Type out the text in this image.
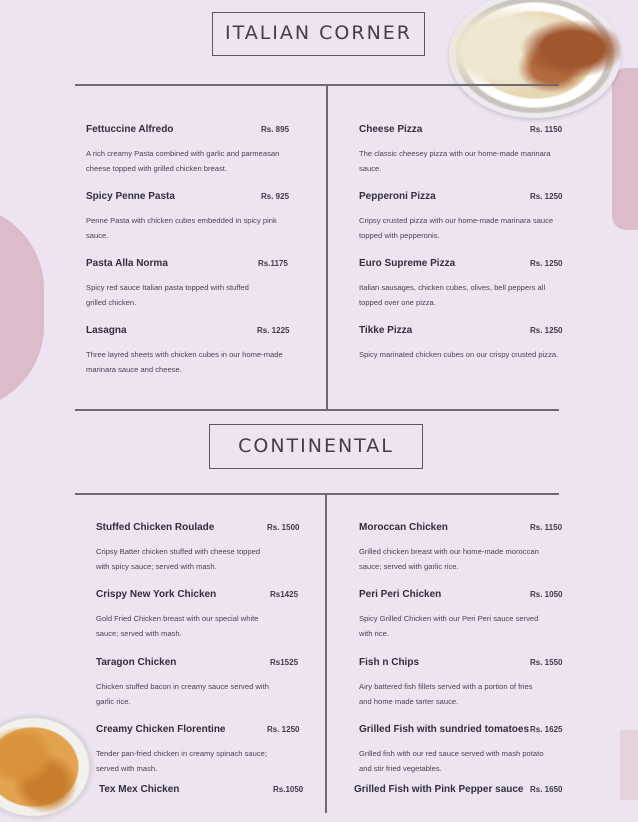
ITALIAN CORNER
CONTINENTAL
Fettuccine Alfredo	Rs. 895
A rich creamy Pasta combined with garlic and parmeasan
cheese topped with grilled chicken breast.
Spicy Penne Pasta	Rs. 925
Penne Pasta with chicken cubes embedded in spicy pink
sauce.
Pasta Alla Norma	Rs.1175
Spicy red sauce Italian pasta topped with stuffed
grilled chicken.
Lasagna	Rs. 1225
Three layred sheets with chicken cubes in our home-made
marinara sauce and cheese.
Cheese Pizza	Rs. 1150
The classic cheesey pizza with our home-made marinara
sauce.
Pepperoni Pizza	Rs. 1250
Cripsy crusted pizza with our home-made marinara sauce
topped with pepperonis.
Euro Supreme Pizza	Rs. 1250
Italian sausages, chicken cubes, olives, bell peppers all
topped over one pizza.
Tikke Pizza	Rs. 1250
Spicy marinated chicken cubes on our crispy crusted pizza.
Stuffed Chicken Roulade	Rs. 1500
Cripsy Batter chicken stuffed with cheese topped
with spicy sauce; served with mash.
Crispy New York Chicken	Rs1425
Gold Fried Chicken breast with our special white
sauce; served with mash.
Taragon Chicken	Rs1525
Chicken stuffed bacon in creamy sauce served with
garlic rice.
Creamy Chicken Florentine	Rs. 1250
Tender pan-fried chicken in creamy spinach sauce;
served with mash.
Tex Mex Chicken	Rs.1050
Moroccan Chicken	Rs. 1150
Grilled chicken breast with our home-made moroccan
sauce; served with garlic rice.
Peri Peri Chicken	Rs. 1050
Spicy Grilled Chicken with our Peri Peri sauce served
with rice.
Fish n Chips	Rs. 1550
Airy battered fish fillets served with a portion of fries
and home made tarter sauce.
Grilled Fish with sundried tomatoes Rs. 1625
Grilled fish with our red sauce served with mash potato
and stir fried vegetables.
Grilled Fish with Pink Pepper sauce Rs. 1650
